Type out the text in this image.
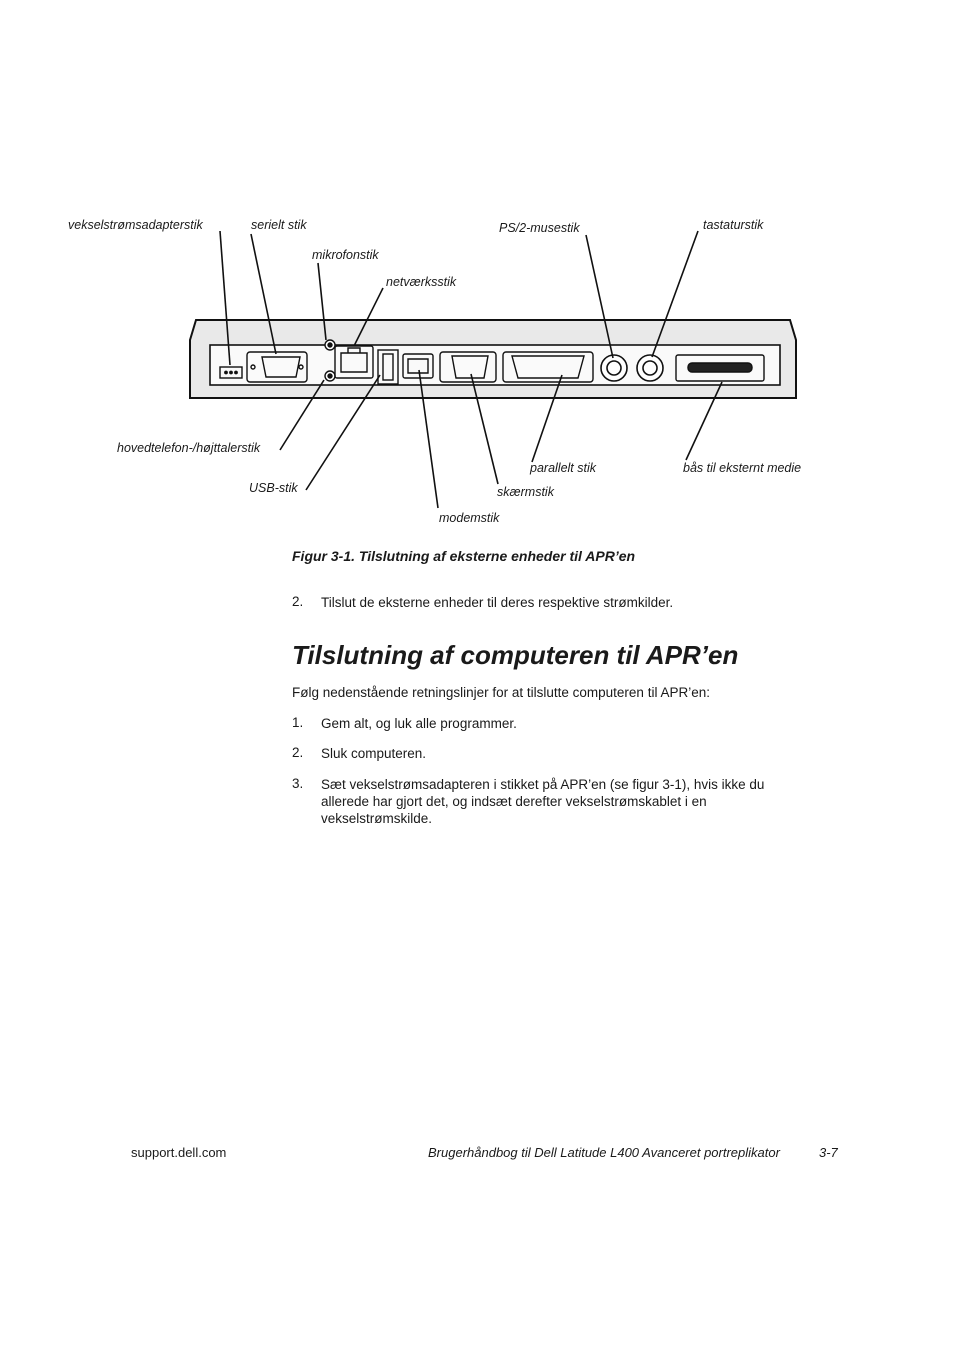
vekselstrømsadapterstik	serielt stik
mikrofonstik
netværksstik
PS/2-musestik	tastaturstik
hovedtelefon-/højttalerstik
USB-stik
modemstik
skærmstik
parallelt stik	bås til eksternt medie
Figur 3-1. Tilslutning af eksterne enheder til APR’en
2. Tilslut de eksterne enheder til deres respektive strømkilder.
Tilslutning af computeren til APR’en
Følg nedenstående retningslinjer for at tilslutte computeren til APR’en:
1. Gem alt, og luk alle programmer.
2. Sluk computeren.
3. Sæt vekselstrømsadapteren i stikket på APR’en (se figur 3-1), hvis ikke du allerede har gjort det, og indsæt derefter vekselstrømskablet i en vekselstrømskilde.
support.dell.com	Brugerhåndbog til Dell Latitude L400 Avanceret portreplikator	3-7
